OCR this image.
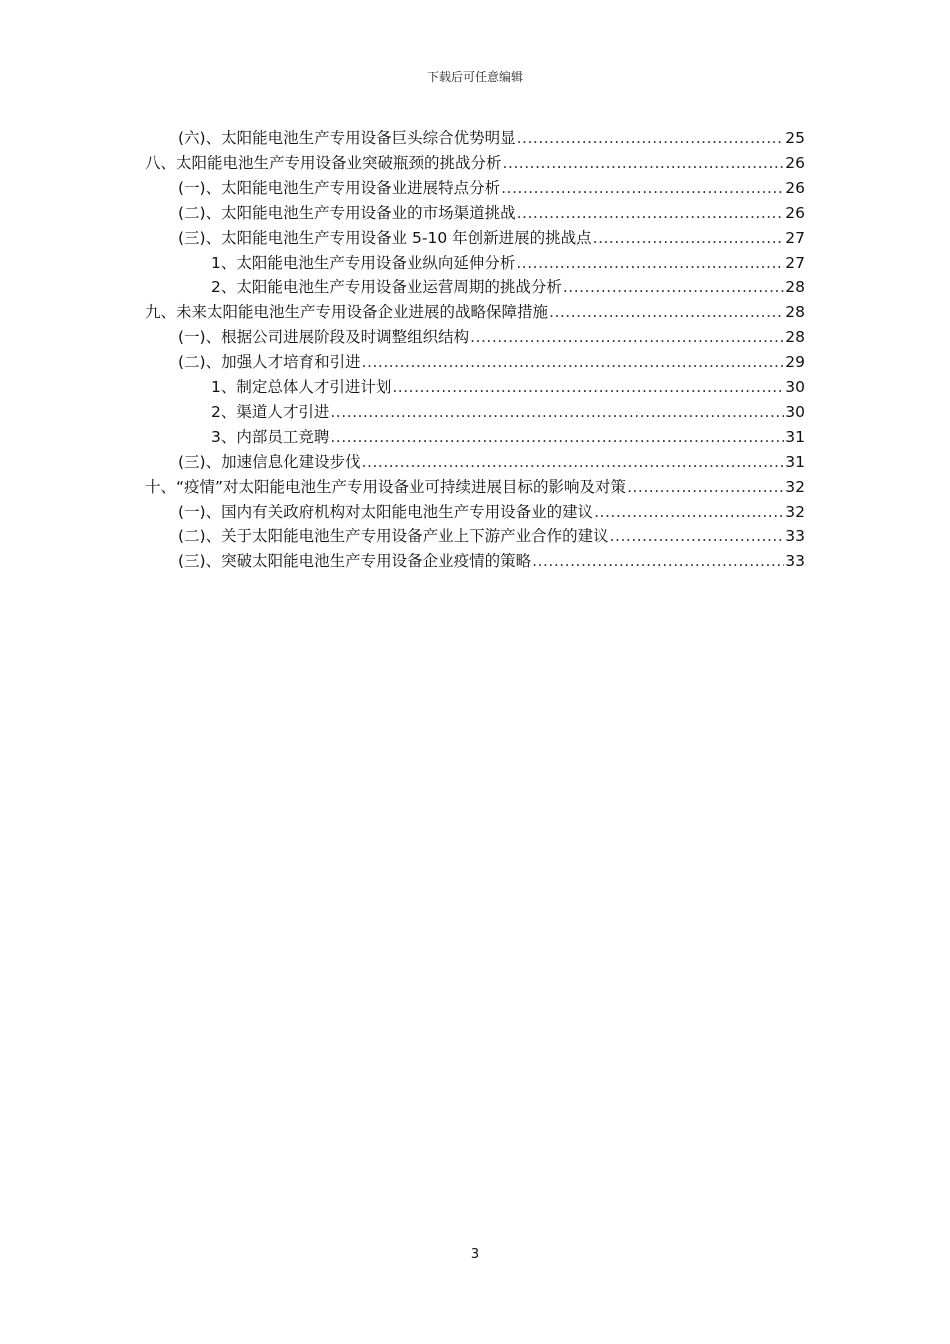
下载后可任意编辑
(六)、太阳能电池生产专用设备巨头综合优势明显 .....	25
八、太阳能电池生产专用设备业突破瓶颈的挑战分析 .....	26
(一)、太阳能电池生产专用设备业进展特点分析 .....	26
(二)、太阳能电池生产专用设备业的市场渠道挑战 .....	26
(三)、太阳能电池生产专用设备业 5-10 年创新进展的挑战点 .....	27
1、太阳能电池生产专用设备业纵向延伸分析 .....	27
2、太阳能电池生产专用设备业运营周期的挑战分析 .....	28
九、未来太阳能电池生产专用设备企业进展的战略保障措施 .....	28
(一)、根据公司进展阶段及时调整组织结构 .....	28
(二)、加强人才培育和引进 .....	29
1、制定总体人才引进计划 .....	30
2、渠道人才引进 .....	30
3、内部员工竞聘 .....	31
(三)、加速信息化建设步伐 .....	31
十、“疫情”对太阳能电池生产专用设备业可持续进展目标的影响及对策 .....	32
(一)、国内有关政府机构对太阳能电池生产专用设备业的建议 .....	32
(二)、关于太阳能电池生产专用设备产业上下游产业合作的建议 .....	33
(三)、突破太阳能电池生产专用设备企业疫情的策略 .....	33
3
